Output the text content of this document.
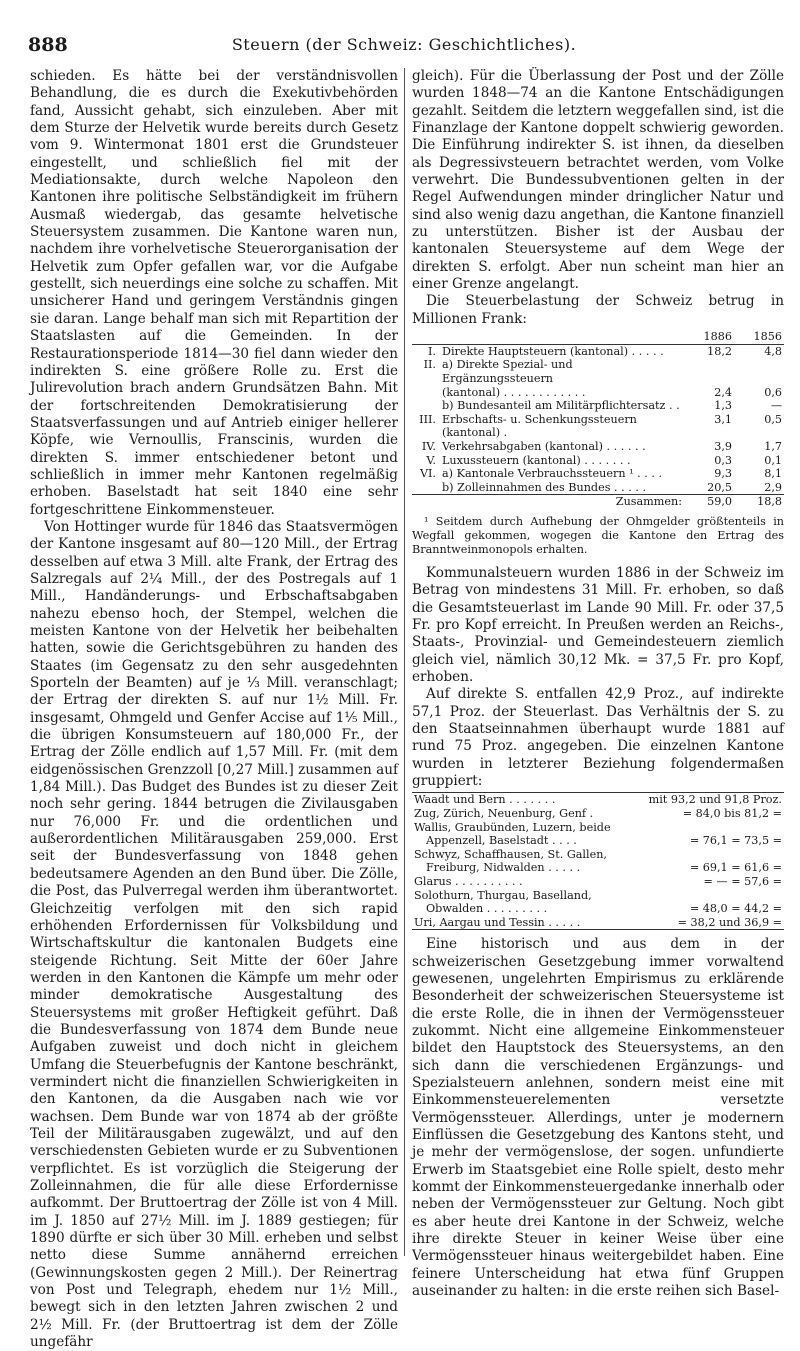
888	Steuern (der Schweiz: Geschichtliches).

schieden. Es hätte bei der verständnisvollen Behandlung, die es durch die Exekutivbehörden fand, Aussicht gehabt, sich einzuleben. Aber mit dem Sturze der Helvetik wurde bereits durch Gesetz vom 9. Wintermonat 1801 erst die Grundsteuer eingestellt, und schließlich fiel mit der Mediationsakte, durch welche Napoleon den Kantonen ihre politische Selbständigkeit im frühern Ausmaß wiedergab, das gesamte helvetische Steuersystem zusammen. Die Kantone waren nun, nachdem ihre vorhelvetische Steuerorganisation der Helvetik zum Opfer gefallen war, vor die Aufgabe gestellt, sich neuerdings eine solche zu schaffen. Mit unsicherer Hand und geringem Verständnis gingen sie daran. Lange behalf man sich mit Repartition der Staatslasten auf die Gemeinden. In der Restaurationsperiode 1814—30 fiel dann wieder den indirekten S. eine größere Rolle zu. Erst die Julirevolution brach andern Grundsätzen Bahn. Mit der fortschreitenden Demokratisierung der Staatsverfassungen und auf Antrieb einiger hellerer Köpfe, wie Vernoullis, Franscinis, wurden die direkten S. immer entschiedener betont und schließlich in immer mehr Kantonen regelmäßig erhoben. Baselstadt hat seit 1840 eine sehr fortgeschrittene Einkommensteuer.

Von Hottinger wurde für 1846 das Staatsvermögen der Kantone insgesamt auf 80—120 Mill., der Ertrag desselben auf etwa 3 Mill. alte Frank, der Ertrag des Salzregals auf 2¼ Mill., der des Postregals auf 1 Mill., Handänderungs- und Erbschaftsabgaben nahezu ebenso hoch, der Stempel, welchen die meisten Kantone von der Helvetik her beibehalten hatten, sowie die Gerichtsgebühren zu handen des Staates (im Gegensatz zu den sehr ausgedehnten Sporteln der Beamten) auf je ⅓ Mill. veranschlagt; der Ertrag der direkten S. auf nur 1½ Mill. Fr. insgesamt, Ohmgeld und Genfer Accise auf 1⅕ Mill., die übrigen Konsumsteuern auf 180,000 Fr., der Ertrag der Zölle endlich auf 1,57 Mill. Fr. (mit dem eidgenössischen Grenzzoll [0,27 Mill.] zusammen auf 1,84 Mill.). Das Budget des Bundes ist zu dieser Zeit noch sehr gering. 1844 betrugen die Zivilausgaben nur 76,000 Fr. und die ordentlichen und außerordentlichen Militärausgaben 259,000. Erst seit der Bundesverfassung von 1848 gehen bedeutsamere Agenden an den Bund über. Die Zölle, die Post, das Pulverregal werden ihm überantwortet. Gleichzeitig verfolgen mit den sich rapid erhöhenden Erfordernissen für Volksbildung und Wirtschaftskultur die kantonalen Budgets eine steigende Richtung. Seit Mitte der 60er Jahre werden in den Kantonen die Kämpfe um mehr oder minder demokratische Ausgestaltung des Steuersystems mit großer Heftigkeit geführt. Daß die Bundesverfassung von 1874 dem Bunde neue Aufgaben zuweist und doch nicht in gleichem Umfang die Steuerbefugnis der Kantone beschränkt, vermindert nicht die finanziellen Schwierigkeiten in den Kantonen, da die Ausgaben nach wie vor wachsen. Dem Bunde war von 1874 ab der größte Teil der Militärausgaben zugewälzt, und auf den verschiedensten Gebieten wurde er zu Subventionen verpflichtet. Es ist vorzüglich die Steigerung der Zolleinnahmen, die für alle diese Erfordernisse aufkommt. Der Bruttoertrag der Zölle ist von 4 Mill. im J. 1850 auf 27½ Mill. im J. 1889 gestiegen; für 1890 dürfte er sich über 30 Mill. erheben und selbst netto diese Summe annähernd erreichen (Gewinnungskosten gegen 2 Mill.). Der Reinertrag von Post und Telegraph, ehedem nur 1½ Mill., bewegt sich in den letzten Jahren zwischen 2 und 2½ Mill. Fr. (der Bruttoertrag ist dem der Zölle ungefähr

gleich). Für die Überlassung der Post und der Zölle wurden 1848—74 an die Kantone Entschädigungen gezahlt. Seitdem die letztern weggefallen sind, ist die Finanzlage der Kantone doppelt schwierig geworden. Die Einführung indirekter S. ist ihnen, da dieselben als Degressivsteuern betrachtet werden, vom Volke verwehrt. Die Bundessubventionen gelten in der Regel Aufwendungen minder dringlicher Natur und sind also wenig dazu angethan, die Kantone finanziell zu unterstützen. Bisher ist der Ausbau der kantonalen Steuersysteme auf dem Wege der direkten S. erfolgt. Aber nun scheint man hier an einer Grenze angelangt.

Die Steuerbelastung der Schweiz betrug in Millionen Frank:

		1886	1856
I.	Direkte Hauptsteuern (kantonal) . . . . .	18,2	4,8
II.	a) Direkte Spezial- und Ergänzungssteuern		
	(kantonal) . . . . . . . . . . . .	2,4	0,6
	b) Bundesanteil am Militärpflichtersatz . .	1,3	—
III.	Erbschafts- u. Schenkungssteuern (kantonal) .	3,1	0,5
IV.	Verkehrsabgaben (kantonal) . . . . . .	3,9	1,7
V.	Luxussteuern (kantonal) . . . . . . .	0,3	0,1
VI.	a) Kantonale Verbrauchssteuern ¹ . . . .	9,3	8,1
	b) Zolleinnahmen des Bundes . . . . .	20,5	2,9
	Zusammen:	59,0	18,8

¹ Seitdem durch Aufhebung der Ohmgelder größtenteils in Wegfall gekommen, wogegen die Kantone den Ertrag des Branntweinmonopols erhalten.

Kommunalsteuern wurden 1886 in der Schweiz im Betrag von mindestens 31 Mill. Fr. erhoben, so daß die Gesamtsteuerlast im Lande 90 Mill. Fr. oder 37,5 Fr. pro Kopf erreicht. In Preußen werden an Reichs-, Staats-, Provinzial- und Gemeindesteuern ziemlich gleich viel, nämlich 30,12 Mk. = 37,5 Fr. pro Kopf, erhoben.

Auf direkte S. entfallen 42,9 Proz., auf indirekte 57,1 Proz. der Steuerlast. Das Verhältnis der S. zu den Staatseinnahmen überhaupt wurde 1881 auf rund 75 Proz. angegeben. Die einzelnen Kantone wurden in letzterer Beziehung folgendermaßen gruppiert:

Waadt und Bern . . . . . . .	mit 93,2 und 91,8 Proz.
Zug, Zürich, Neuenburg, Genf .	= 84,0 bis 81,2 =
Wallis, Graubünden, Luzern, beide	
Appenzell, Baselstadt . . . .	= 76,1 = 73,5 =
Schwyz, Schaffhausen, St. Gallen,	
Freiburg, Nidwalden . . . . .	= 69,1 = 61,6 =
Glarus . . . . . . . . . .	= — = 57,6 =
Solothurn, Thurgau, Baselland,	
Obwalden . . . . . . . . .	= 48,0 = 44,2 =
Uri, Aargau und Tessin . . . . .	= 38,2 und 36,9 =

Eine historisch und aus dem in der schweizerischen Gesetzgebung immer vorwaltend gewesenen, ungelehrten Empirismus zu erklärende Besonderheit der schweizerischen Steuersysteme ist die erste Rolle, die in ihnen der Vermögenssteuer zukommt. Nicht eine allgemeine Einkommensteuer bildet den Hauptstock des Steuersystems, an den sich dann die verschiedenen Ergänzungs- und Spezialsteuern anlehnen, sondern meist eine mit Einkommensteuerelementen versetzte Vermögenssteuer. Allerdings, unter je modernern Einflüssen die Gesetzgebung des Kantons steht, und je mehr der vermögenslose, der sogen. unfundierte Erwerb im Staatsgebiet eine Rolle spielt, desto mehr kommt der Einkommensteuergedanke innerhalb oder neben der Vermögenssteuer zur Geltung. Noch gibt es aber heute drei Kantone in der Schweiz, welche ihre direkte Steuer in keiner Weise über eine Vermögenssteuer hinaus weitergebildet haben. Eine feinere Unterscheidung hat etwa fünf Gruppen auseinander zu halten: in die erste reihen sich Basel-
